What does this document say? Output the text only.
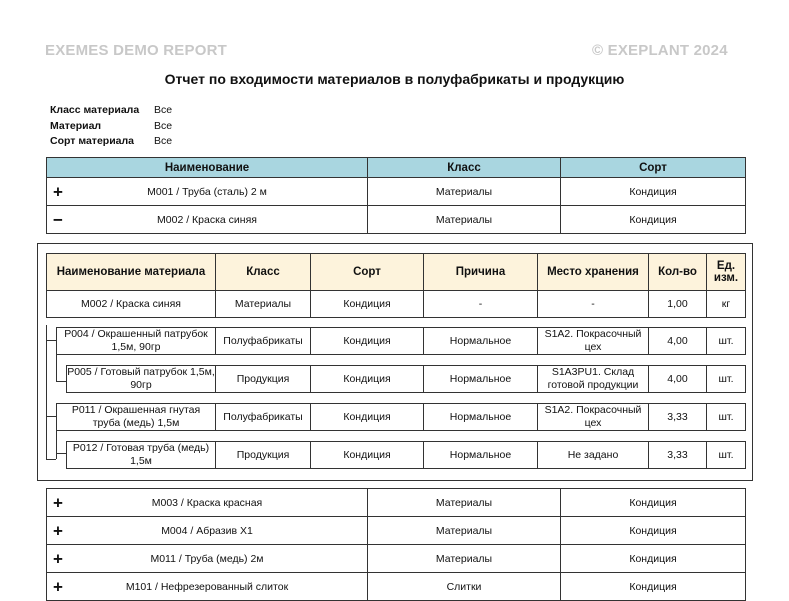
EXEMES DEMO REPORT	© EXEPLANT 2024
Отчет по входимости материалов в полуфабрикаты и продукцию
Класс материала	Все
Материал	Все
Сорт материала	Все
Наименование	Класс	Сорт

+ M001 / Труба (сталь) 2 м	Материалы	Кондиция

− M002 / Краска синяя	Материалы	Кондиция
Наименование материала	Класс	Сорт	Причина	Место хранения	Кол-во	Ед. изм.
M002 / Краска синяя	Материалы	Кондиция	-	-	1,00	кг
P004 / Окрашенный патрубок 1,5м, 90гр	Полуфабрикаты	Кондиция	Нормальное	S1A2. Покрасочный цех	4,00	шт.
P005 / Готовый патрубок 1,5м, 90гр	Продукция	Кондиция	Нормальное	S1A3PU1. Склад готовой продукции	4,00	шт.
P011 / Окрашенная гнутая труба (медь) 1,5м	Полуфабрикаты	Кондиция	Нормальное	S1A2. Покрасочный цех	3,33	шт.
P012 / Готовая труба (медь) 1,5м	Продукция	Кондиция	Нормальное	Не задано	3,33	шт.
+ M003 / Краска красная	Материалы	Кондиция

+ M004 / Абразив X1	Материалы	Кондиция

+ M011 / Труба (медь) 2м	Материалы	Кондиция

+ M101 / Нефрезерованный слиток	Слитки	Кондиция
